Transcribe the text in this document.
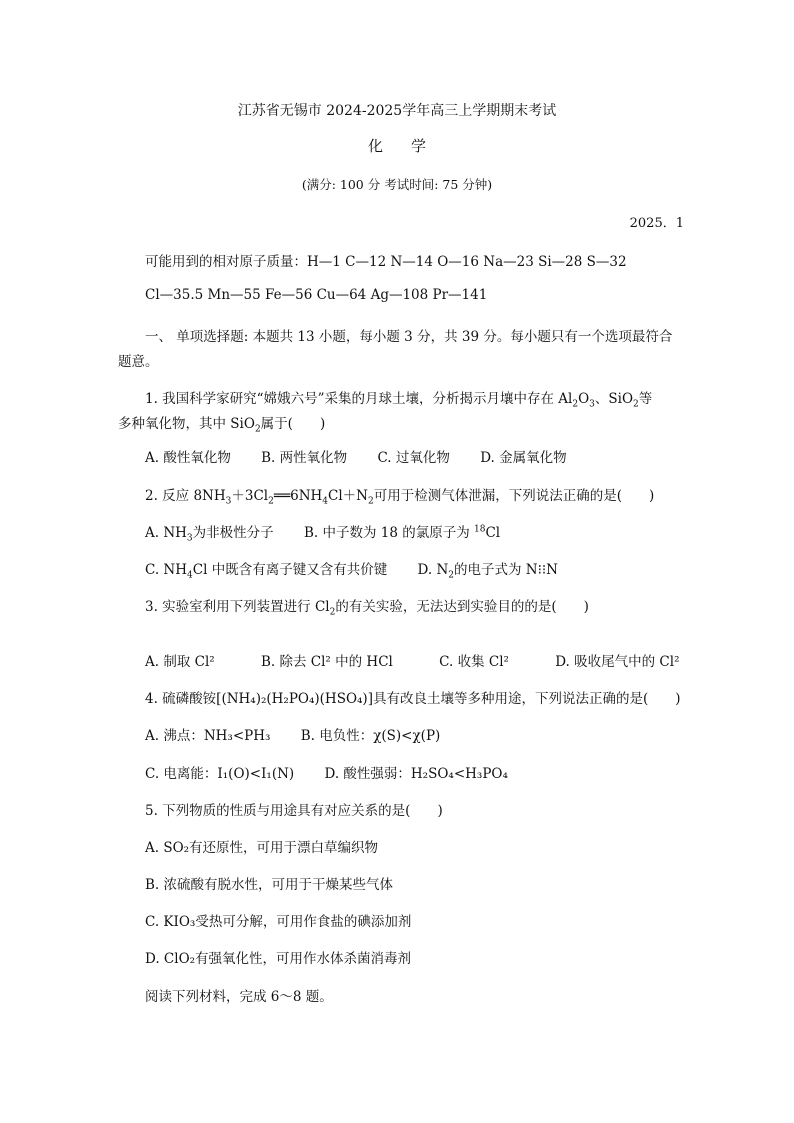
江苏省无锡市 2024-2025学年高三上学期期末考试
化学
(满分: 100 分 考试时间: 75 分钟)
2025．1
可能用到的相对原子质量：H—1 C—12 N—14 O—16 Na—23 Si—28 S—32
Cl—35.5 Mn—55 Fe—56 Cu—64 Ag—108 Pr—141
一、 单项选择题: 本题共 13 小题，每小题 3 分，共 39 分。每小题只有一个选项最符合
题意。
1. 我国科学家研究“嫦娥六号”采集的月球土壤，分析揭示月壤中存在 $Al_2O_3$、SiO$_2$等
多种氧化物，其中 SiO$_2$属于(　　)
A. 酸性氧化物 B. 两性氧化物 C. 过氧化物 D. 金属氧化物
2. 反应 $8NH_3+3Cl_2══6NH_4Cl+N_2$可用于检测气体泄漏，下列说法正确的是(　　)
A. $NH_3$为非极性分子 B. 中子数为 18 的氯原子为 $^{18}$Cl
C. $NH_4Cl$ 中既含有离子键又含有共价键 D. $N_2$的电子式为 N⁝⁝N
3. 实验室利用下列装置进行 $Cl_2$的有关实验，无法达到实验目的的是(　　)
A. 制取 Cl²	B. 除去 Cl² 中的 HCl	C. 收集 Cl²	D. 吸收尾气中的 Cl²
4. 硫磷酸铵[(NH₄)₂(H₂PO₄)(HSO₄)]具有改良土壤等多种用途，下列说法正确的是(　　)
A. 沸点：NH₃<PH₃ B. 电负性：χ(S)<χ(P)
C. 电离能：I₁(O)<I₁(N) D. 酸性强弱：H₂SO₄<H₃PO₄
5. 下列物质的性质与用途具有对应关系的是(　　)
A. SO₂有还原性，可用于漂白草编织物
B. 浓硫酸有脱水性，可用于干燥某些气体
C. KIO₃受热可分解，可用作食盐的碘添加剂
D. ClO₂有强氧化性，可用作水体杀菌消毒剂
阅读下列材料，完成 6～8 题。
